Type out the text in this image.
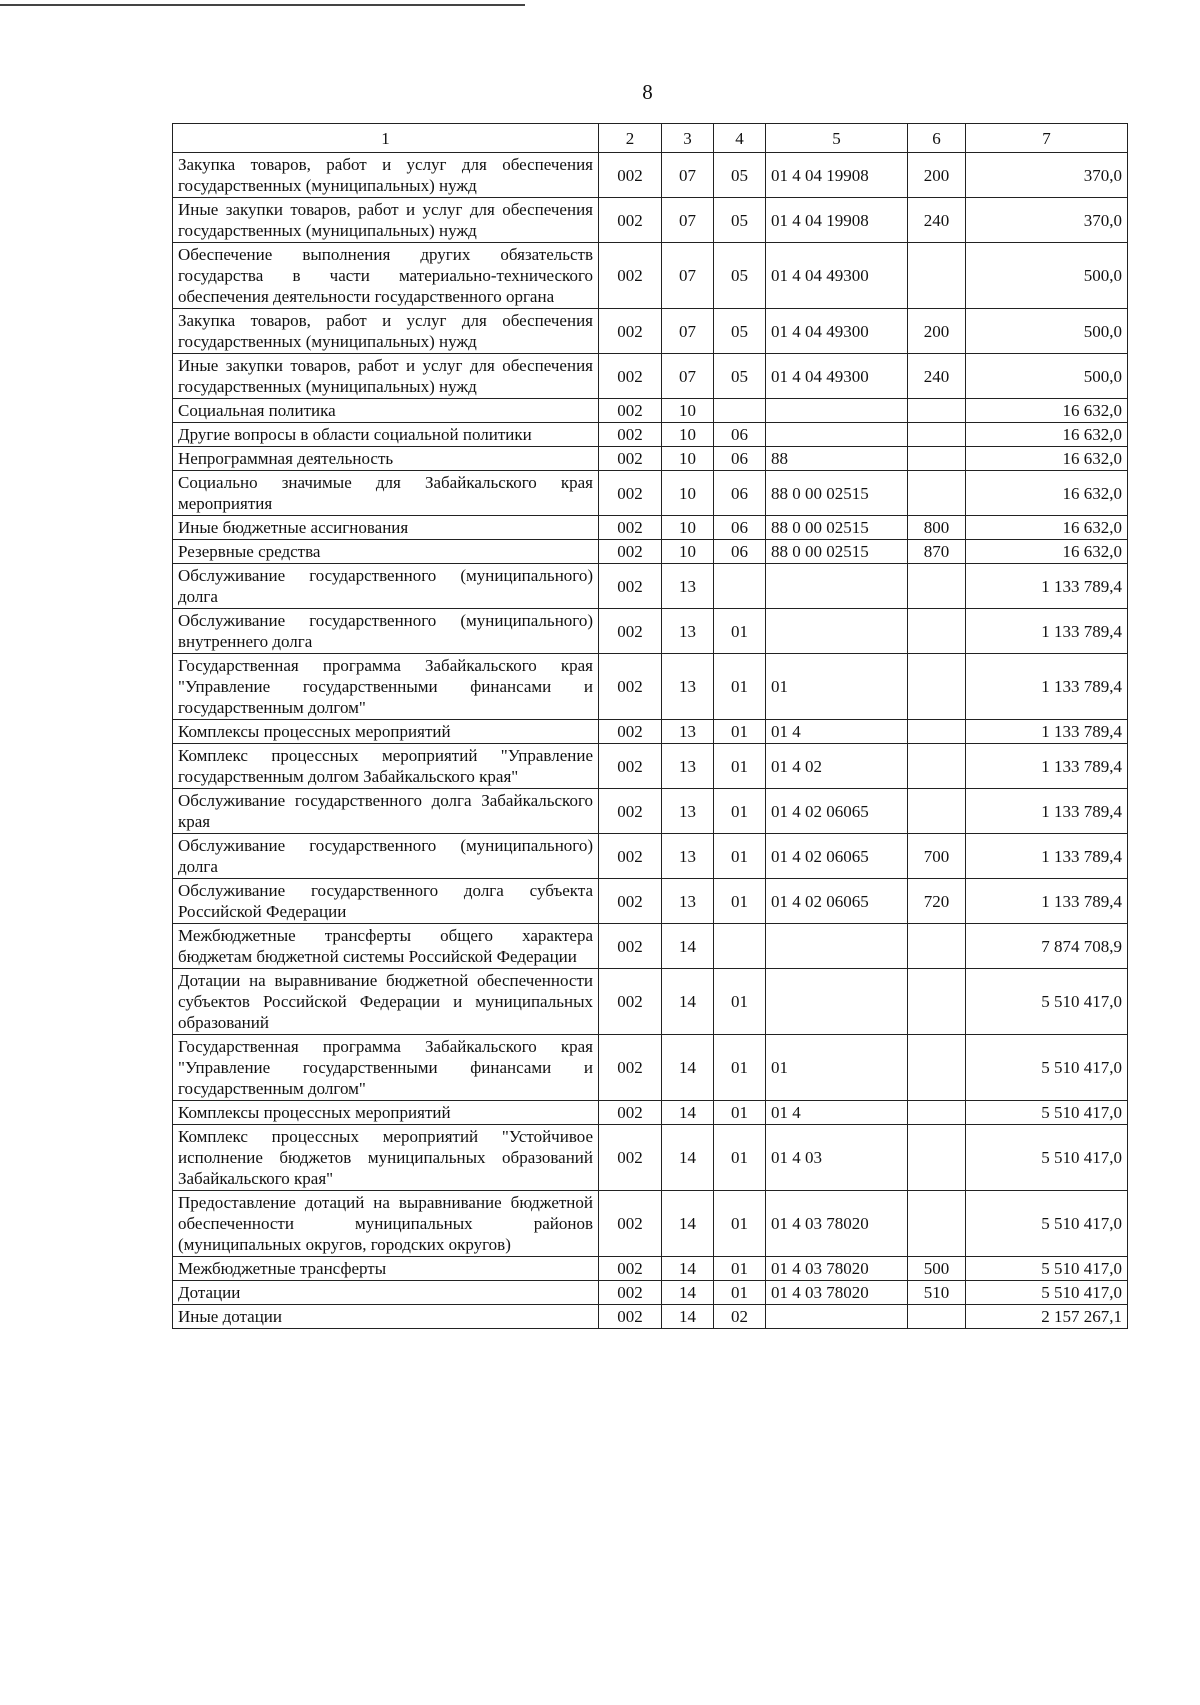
8
1	2	3	4	5	6	7
Закупка товаров, работ и услуг для обеспечения государственных (муниципальных) нужд	002	07	05	01 4 04 19908	200	370,0
Иные закупки товаров, работ и услуг для обеспечения государственных (муниципальных) нужд	002	07	05	01 4 04 19908	240	370,0
Обеспечение выполнения других обязательств государства в части материально-технического обеспечения деятельности государственного органа	002	07	05	01 4 04 49300		500,0
Закупка товаров, работ и услуг для обеспечения государственных (муниципальных) нужд	002	07	05	01 4 04 49300	200	500,0
Иные закупки товаров, работ и услуг для обеспечения государственных (муниципальных) нужд	002	07	05	01 4 04 49300	240	500,0
Социальная политика	002	10				16 632,0
Другие вопросы в области социальной политики	002	10	06			16 632,0
Непрограммная деятельность	002	10	06	88		16 632,0
Социально значимые для Забайкальского края мероприятия	002	10	06	88 0 00 02515		16 632,0
Иные бюджетные ассигнования	002	10	06	88 0 00 02515	800	16 632,0
Резервные средства	002	10	06	88 0 00 02515	870	16 632,0
Обслуживание государственного (муниципального) долга	002	13				1 133 789,4
Обслуживание государственного (муниципального) внутреннего долга	002	13	01			1 133 789,4
Государственная программа Забайкальского края "Управление государственными финансами и государственным долгом"	002	13	01	01		1 133 789,4
Комплексы процессных мероприятий	002	13	01	01 4		1 133 789,4
Комплекс процессных мероприятий "Управление государственным долгом Забайкальского края"	002	13	01	01 4 02		1 133 789,4
Обслуживание государственного долга Забайкальского края	002	13	01	01 4 02 06065		1 133 789,4
Обслуживание государственного (муниципального) долга	002	13	01	01 4 02 06065	700	1 133 789,4
Обслуживание государственного долга субъекта Российской Федерации	002	13	01	01 4 02 06065	720	1 133 789,4
Межбюджетные трансферты общего характера бюджетам бюджетной системы Российской Федерации	002	14				7 874 708,9
Дотации на выравнивание бюджетной обеспеченности субъектов Российской Федерации и муниципальных образований	002	14	01			5 510 417,0
Государственная программа Забайкальского края "Управление государственными финансами и государственным долгом"	002	14	01	01		5 510 417,0
Комплексы процессных мероприятий	002	14	01	01 4		5 510 417,0
Комплекс процессных мероприятий "Устойчивое исполнение бюджетов муниципальных образований Забайкальского края"	002	14	01	01 4 03		5 510 417,0
Предоставление дотаций на выравнивание бюджетной обеспеченности муниципальных районов (муниципальных округов, городских округов)	002	14	01	01 4 03 78020		5 510 417,0
Межбюджетные трансферты	002	14	01	01 4 03 78020	500	5 510 417,0
Дотации	002	14	01	01 4 03 78020	510	5 510 417,0
Иные дотации	002	14	02			2 157 267,1
